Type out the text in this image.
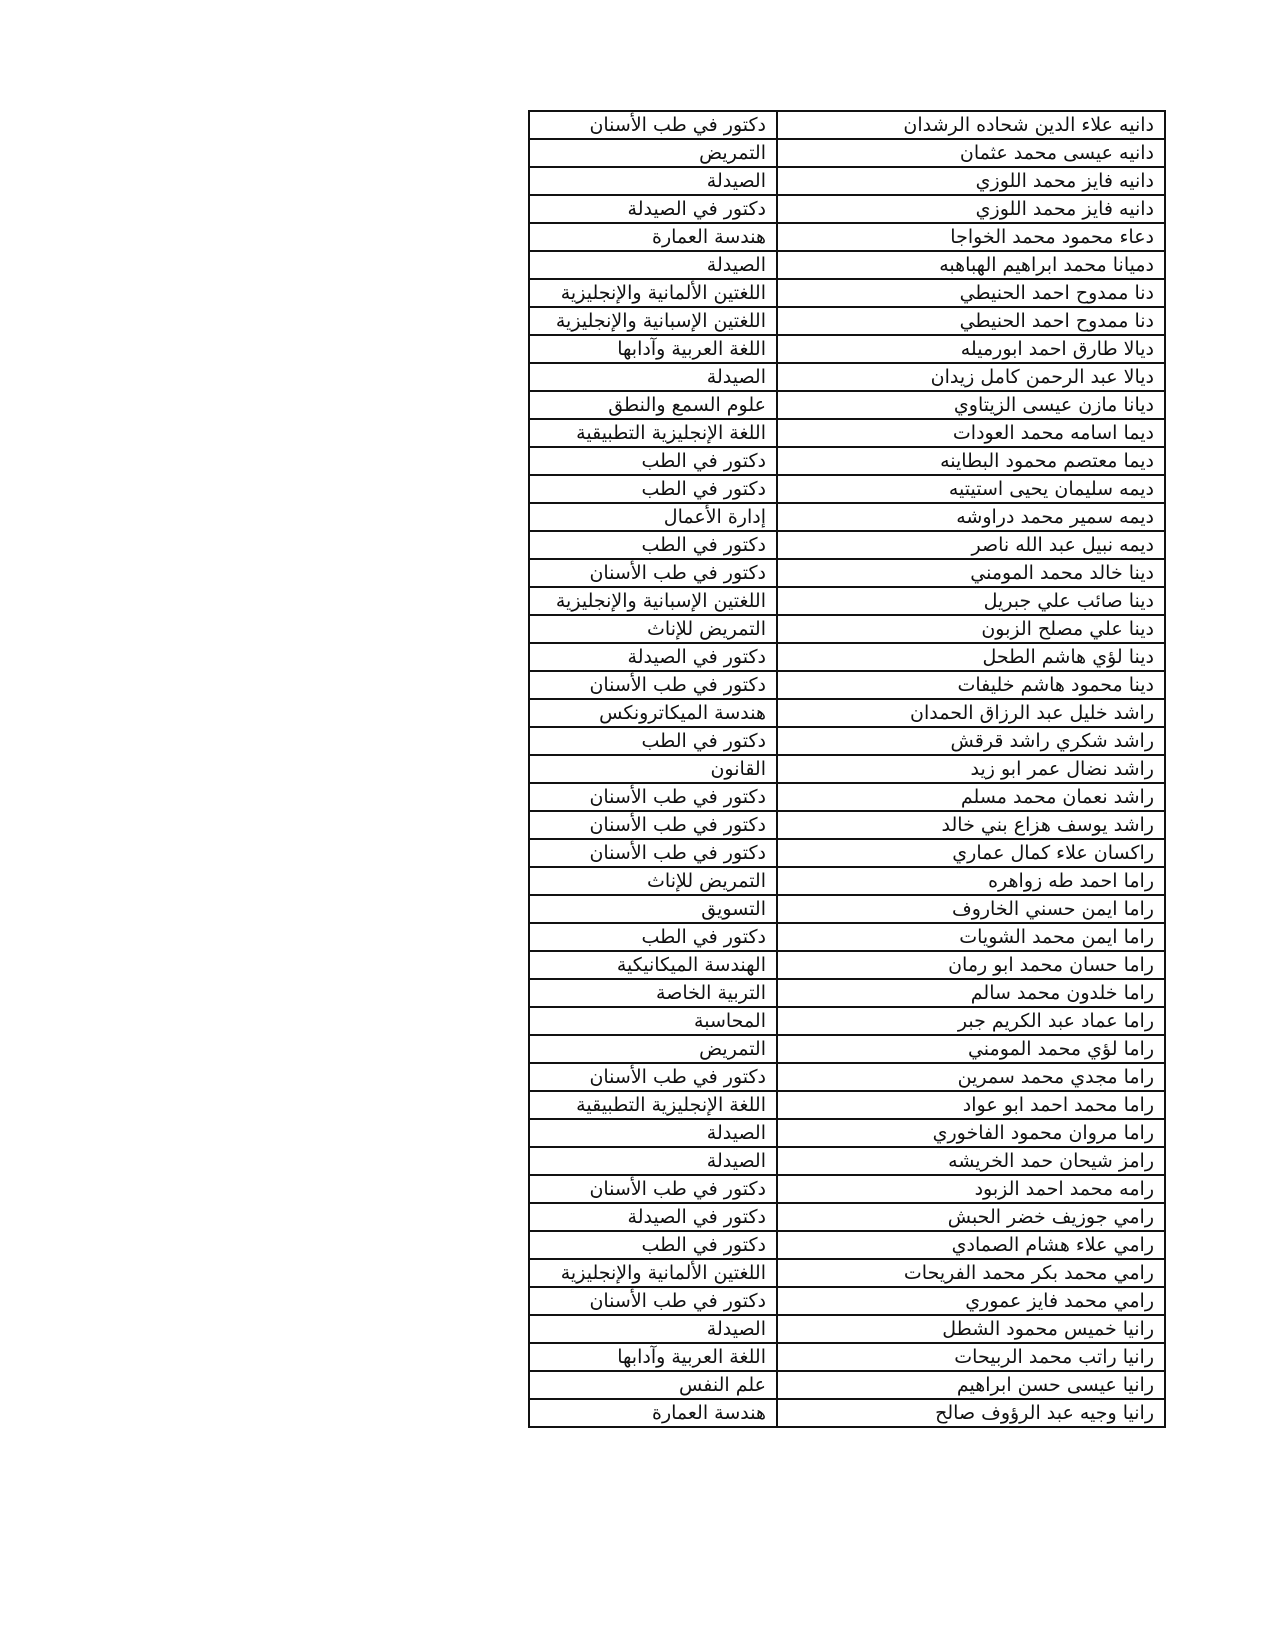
دانيه علاء الدين شحاده الرشدان	دكتور في طب الأسنان
دانيه عيسى محمد عثمان	التمريض
دانيه فايز محمد اللوزي	الصيدلة
دانيه فايز محمد اللوزي	دكتور في الصيدلة
دعاء محمود محمد الخواجا	هندسة العمارة
دميانا محمد ابراهيم الهباهبه	الصيدلة
دنا ممدوح احمد الحنيطي	اللغتين الألمانية والإنجليزية
دنا ممدوح احمد الحنيطي	اللغتين الإسبانية والإنجليزية
ديالا طارق احمد ابورميله	اللغة العربية وآدابها
ديالا عبد الرحمن كامل زيدان	الصيدلة
ديانا مازن عيسى الزيتاوي	علوم السمع والنطق
ديما اسامه محمد العودات	اللغة الإنجليزية التطبيقية
ديما معتصم محمود البطاينه	دكتور في الطب
ديمه سليمان يحيى استيتيه	دكتور في الطب
ديمه سمير محمد دراوشه	إدارة الأعمال
ديمه نبيل عبد الله ناصر	دكتور في الطب
دينا خالد محمد المومني	دكتور في طب الأسنان
دينا صائب علي جبريل	اللغتين الإسبانية والإنجليزية
دينا علي مصلح الزبون	التمريض للإناث
دينا لؤي هاشم الطحل	دكتور في الصيدلة
دينا محمود هاشم خليفات	دكتور في طب الأسنان
راشد خليل عبد الرزاق الحمدان	هندسة الميكاترونكس
راشد شكري راشد قرقش	دكتور في الطب
راشد نضال عمر ابو زيد	القانون
راشد نعمان محمد مسلم	دكتور في طب الأسنان
راشد يوسف هزاع بني خالد	دكتور في طب الأسنان
راكسان علاء كمال عماري	دكتور في طب الأسنان
راما احمد طه زواهره	التمريض للإناث
راما ايمن حسني الخاروف	التسويق
راما ايمن محمد الشويات	دكتور في الطب
راما حسان محمد ابو رمان	الهندسة الميكانيكية
راما خلدون محمد سالم	التربية الخاصة
راما عماد عبد الكريم جبر	المحاسبة
راما لؤي محمد المومني	التمريض
راما مجدي محمد سمرين	دكتور في طب الأسنان
راما محمد احمد ابو عواد	اللغة الإنجليزية التطبيقية
راما مروان محمود الفاخوري	الصيدلة
رامز شيحان حمد الخريشه	الصيدلة
رامه محمد احمد الزبود	دكتور في طب الأسنان
رامي جوزيف خضر الحبش	دكتور في الصيدلة
رامي علاء هشام الصمادي	دكتور في الطب
رامي محمد بكر محمد الفريحات	اللغتين الألمانية والإنجليزية
رامي محمد فايز عموري	دكتور في طب الأسنان
رانيا خميس محمود الشطل	الصيدلة
رانيا راتب محمد الربيحات	اللغة العربية وآدابها
رانيا عيسى حسن ابراهيم	علم النفس
رانيا وجيه عبد الرؤوف صالح	هندسة العمارة
